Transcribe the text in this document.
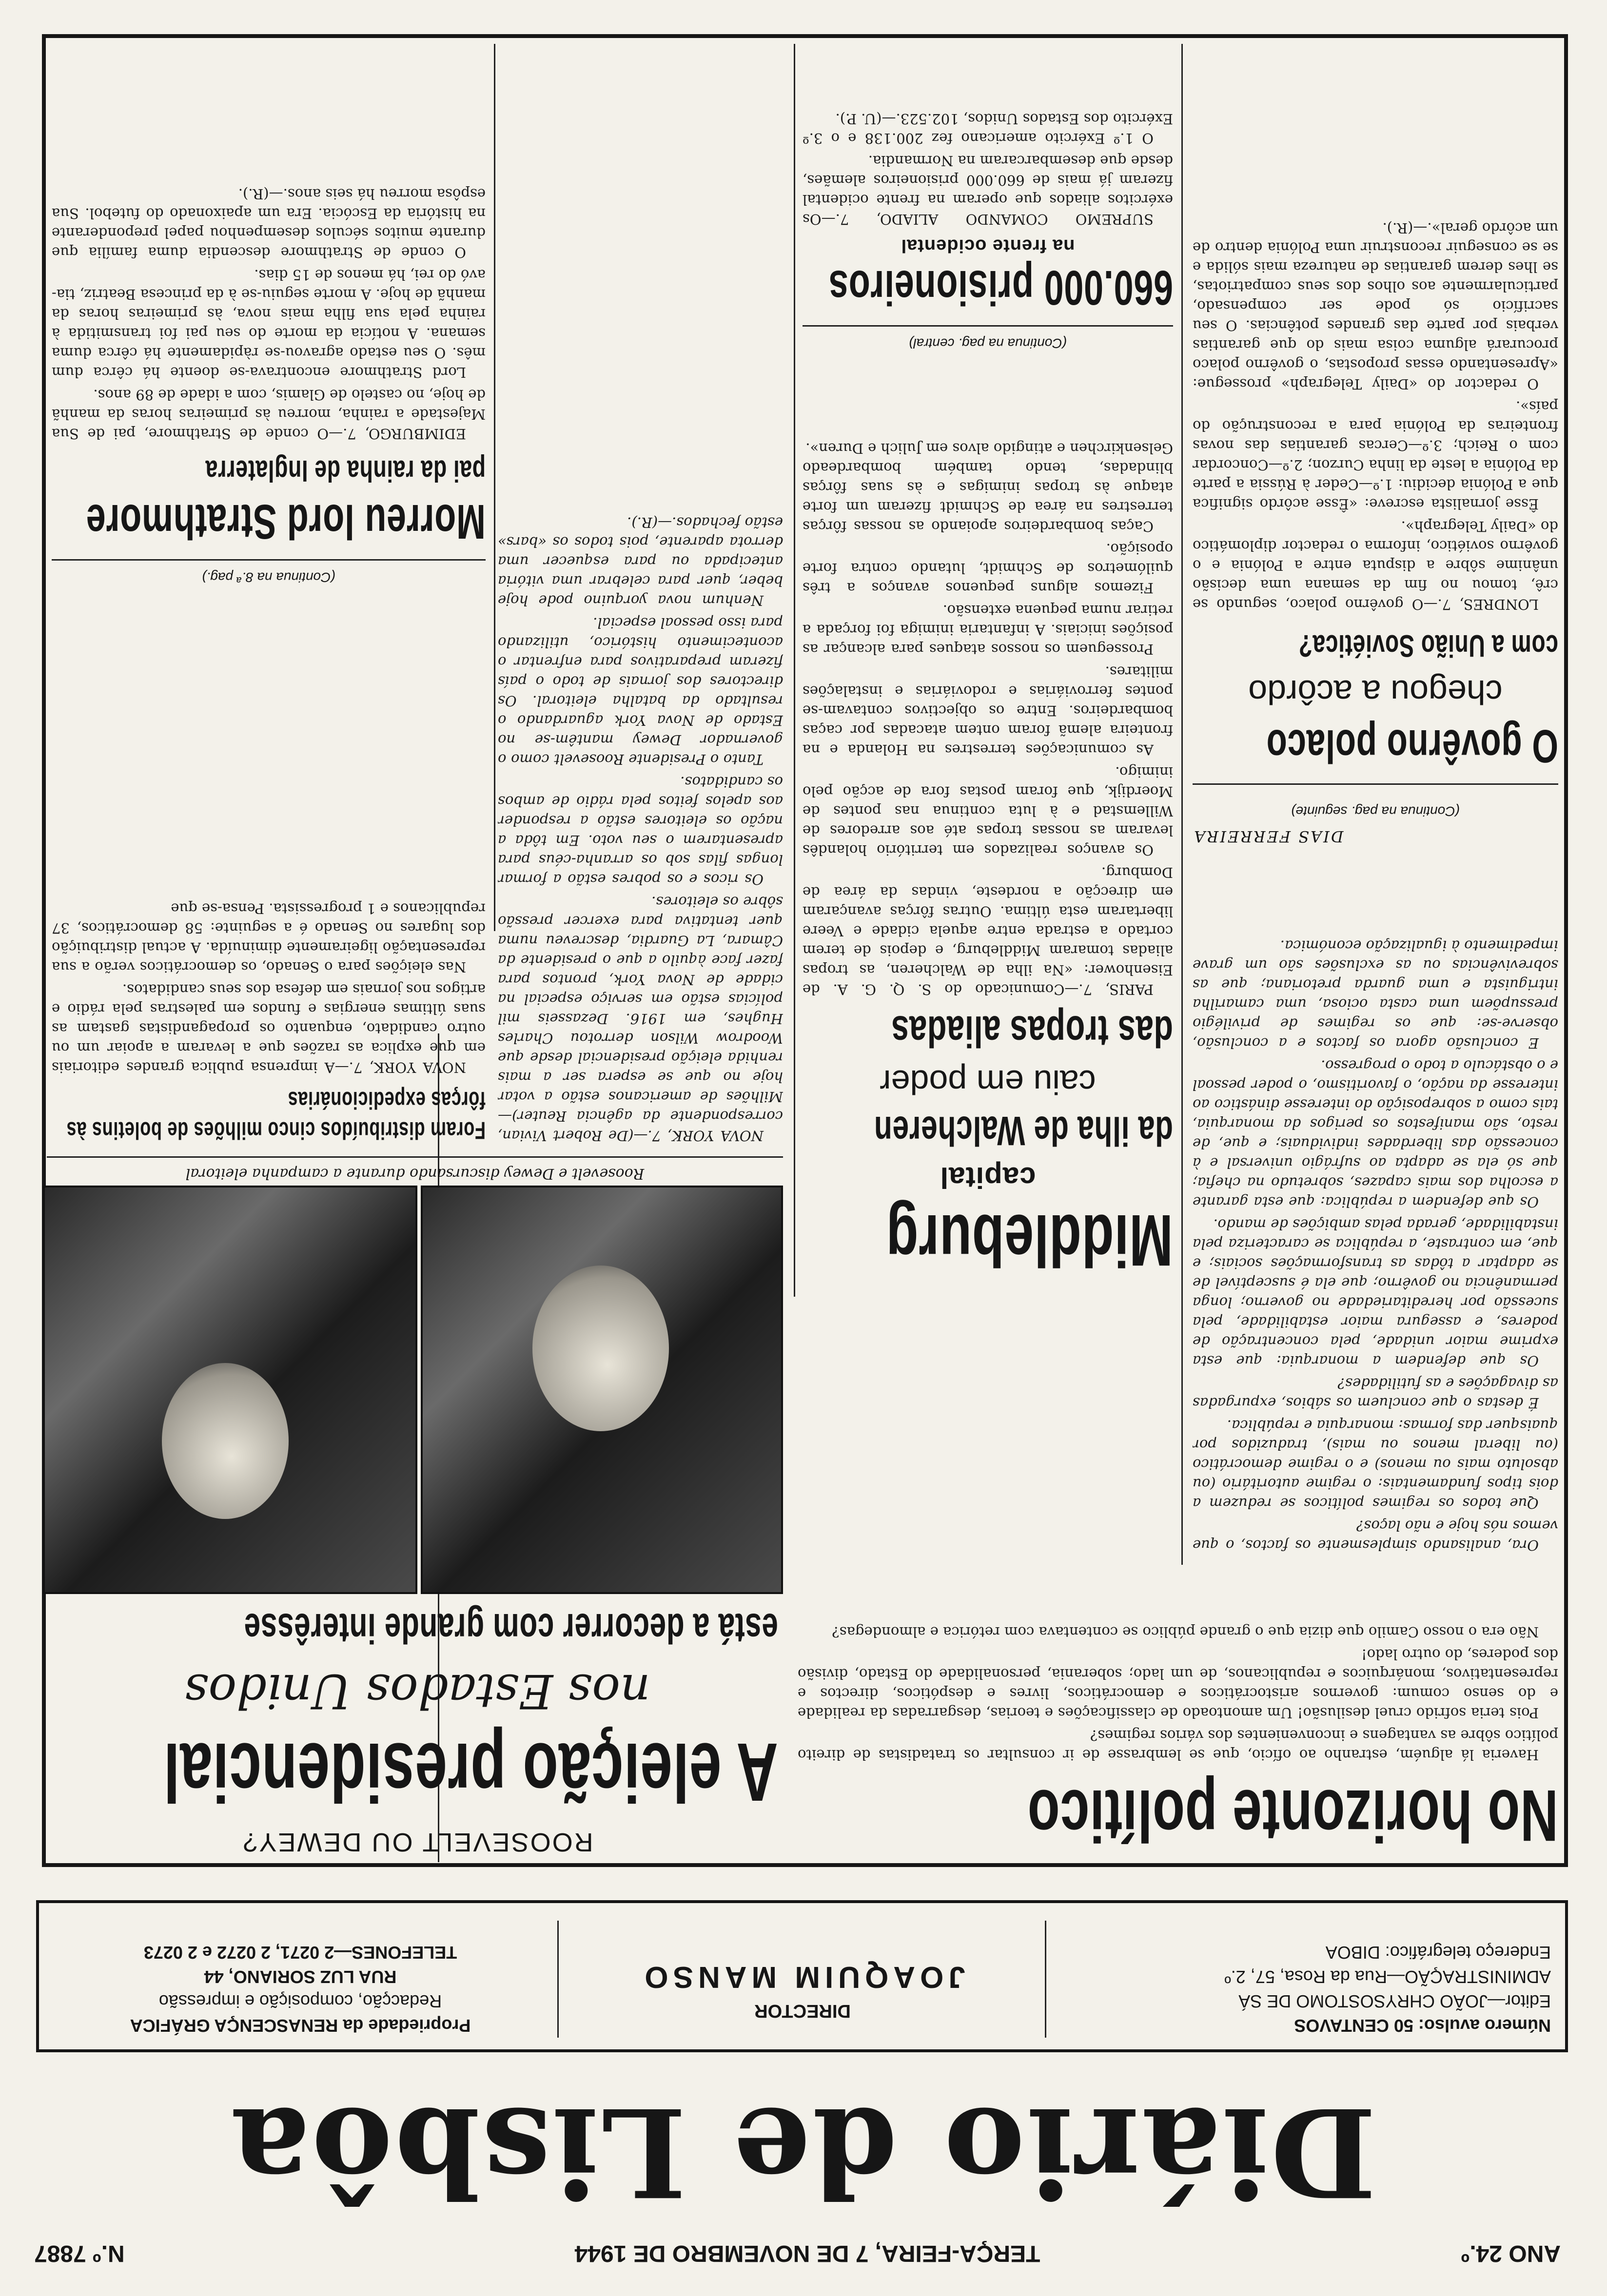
ANO 24.º
TERÇA-FEIRA, 7 DE NOVEMBRO DE 1944
N.º 7887
Diário de Lisbôa
Número avulso: 50 CENTAVOS
Editor—JOÃO CHRYSOSTOMO DE SÁ
ADMINISTRAÇÃO—Rua da Rosa, 57, 2.º
Endereço telegráfico: DIBOA
DIRECTOR
JOAQUIM MANSO
Propriedade da RENASCENÇA GRÁFICA
Redacção, composição e impressão
RUA LUZ SORIANO, 44
TELEFONES—2 0271, 2 0272 e 2 0273
No horizonte político

Haveria lá alguém, estranho ao ofício, que se lembrasse de ir consultar os tratadistas de direito político sôbre as vantagens e inconvenientes dos vários regimes?

Pois teria sofrido cruel desilusão! Um amontoado de classificações e teorias, desgarradas da realidade e do senso comum: governos aristocráticos e democráticos, livres e despóticos, directos e representativos, monárquicos e republicanos, de um lado; soberania, personalidade do Estado, divisão dos poderes, do outro lado!

Não era o nosso Camilo que dizia que o grande público se contentava com retórica e almondegas?

Ora, analisando simplesmente os factos, o que vemos nós hoje e não laços?

Que todos os regimes políticos se reduzem a dois tipos fundamentais: o regime autoritário (ou absoluto mais ou menos) e o regime democrático (ou liberal menos ou mais), traduzidos por quaisquer das formas: monarquia e república.

É destas o que concluem os sábios, expurgadas as divagações e as futilidades?

Os que defendem a monarquia: que esta exprime maior unidade, pela concentração de poderes, e assegura maior estabilidade, pela sucessão por hereditariedade no governo; longa permanência no govêrno; que ela é susceptível de se adaptar a tôdas as transformações sociais; e que, em contraste, a república se caracteriza pela instabilidade, gerada pelas ambições de mando.

Os que defendem a república: que esta garante a escolha dos mais capazes, sobretudo na chefia; que só ela se adapta ao sufrágio universal e à concessão das liberdades individuais; e que, de resto, são manifestos os perigos da monarquia, tais como a sobreposição do interesse dinástico ao interesse da nação, o favoritismo, o poder pessoal e o obstáculo a todo o progresso.

E conclusão agora os factos e a conclusão, observe-se: que os regimes de privilégio pressupõem uma casta ociosa, uma camarilha intriguista e uma guarda pretoriana; que as sobrevivências ou as exclusões são um grave impedimento à igualização económica.

DIAS FERREIRA
(Continua na pag. seguinte)
O govêrno polaco
chegou a acôrdo
com a União Soviética?

LONDRES, 7.—O govêrno polaco, segundo se crê, tomou no fim da semana uma decisão unânime sôbre a disputa entre a Polónia e o govêrno soviético, informa o redactor diplomático do «Daily Telegraph».

Êsse jornalista escreve: «Êsse acôrdo significa que a Polónia decidiu: 1.º—Ceder à Rússia a parte da Polónia a leste da linha Curzon; 2.º—Concordar com o Reich; 3.º—Cercas garantias das novas fronteiras da Polónia para a reconstrução do país».

O redactor do «Daily Telegraph» prossegue: «Apresentando essas propostas, o govêrno polaco procurará alguma coisa mais do que garantias verbais por parte das grandes potências. O seu sacrifício só pode ser compensado, particularmente aos olhos dos seus compatriotas, se lhes derem garantias de natureza mais sólida e se se conseguir reconstruir uma Polónia dentro de um acôrdo geral».—(R.).

Middleburg
capital
da ilha de Walcheren
caiu em poder
das tropas aliadas

PARIS, 7.—Comunicado do S. Q. G. A. de Eisenhower: «Na ilha de Walcheren, as tropas aliadas tomaram Middleburg, e depois de terem cortado a estrada entre aquela cidade e Veere libertaram esta última. Outras fôrças avançaram em direcção a nordeste, vindas da área de Domburg.

Os avanços realizados em território holandês levaram as nossas tropas até aos arredores de Willemstad e à luta continua nas pontes de Moerdijk, que foram postas fora de acção pelo inimigo.

As comunicações terrestres na Holanda e na fronteira alemã foram ontem atacadas por caças bombardeiros. Entre os objectivos contavam-se pontes ferroviárias e rodoviárias e instalações militares.

Prosseguem os nossos ataques para alcançar as posições iniciais. A infantaria inimiga foi forçada a retirar numa pequena extensão.

Fizemos alguns pequenos avanços a três quilómetros de Schmidt, lutando contra forte oposição.

Caças bombardeiros apoiando as nossas fôrças terrestres na área de Schmidt fizeram um forte ataque às tropas inimigas e às suas fôrças blindadas, tendo também bombardeado Gelsenkirchen e atingido alvos em Julich e Duren».

(Continua na pag. central)
660.000 prisioneiros
na frente ocidental

SUPREMO COMANDO ALIADO, 7.—Os exércitos aliados que operam na frente ocidental fizeram já mais de 660.000 prisioneiros alemães, desde que desembarcaram na Normandia.

O 1.º Exército americano fez 200.138 e o 3.º Exército dos Estados Unidos, 102.523.—(U. P.).

ROOSEVELT OU DEWEY?
A eleição presidencial
nos Estados Unidos
está a decorrer com grande interêsse
Roosevelt e Dewey discursando durante a campanha eleitoral

NOVA YORK, 7.—(De Robert Vivian, correspondente da agência Reuter)—Milhões de americanos estão a votar hoje no que se espera ser a mais renhida eleição presidencial desde que Woodrow Wilson derrotou Charles Hughes, em 1916. Dezasseis mil polícias estão em serviço especial na cidade de Nova York, prontos para fazer face àquilo a que o presidente da Câmara, La Guardia, descreveu numa quer tentativa para exercer pressão sôbre os eleitores.

Os ricos e os pobres estão a formar longas filas sob os arranha-céus para apresentarem o seu voto. Em tôda a nação os eleitores estão a responder aos apelos feitos pela rádio de ambos os candidatos.

Tanto o Presidente Roosevelt como o governador Dewey mantêm-se no Estado de Nova York aguardando o resultado da batalha eleitoral. Os directores dos jornais de todo o país fizeram preparativos para enfrentar o acontecimento histórico, utilizando para isso pessoal especial.

Nenhum nova yorquino pode hoje beber, quer para celebrar uma vitória antecipada ou para esquecer uma derrota aparente, pois todos os «bars» estão fechados.—(R.).

Foram distribuídos cinco milhões de boletins às fôrças expedicionárias

NOVA YORK, 7.—A imprensa publica grandes editoriais em que explica as razões que a levaram a apoiar um ou outro candidato, enquanto os propagandistas gastam as suas últimas energias e fundos em palestras pela rádio e artigos nos jornais em defesa dos seus candidatos.

Nas eleições para o Senado, os democráticos verão a sua representação ligeiramente diminuída. A actual distribuição dos lugares no Senado é a seguinte: 58 democráticos, 37 republicanos e 1 progressista. Pensa-se que

(Continua na 8.ª pag.)
Morreu lord Strathmore
pai da rainha de Inglaterra

EDIMBURGO, 7.—O conde de Strathmore, pai de Sua Majestade a rainha, morreu às primeiras horas da manhã de hoje, no castelo de Glamis, com a idade de 89 anos.

Lord Strathmore encontrava-se doente há cêrca dum mês. O seu estado agravou-se ràpidamente há cêrca duma semana. A notícia da morte do seu pai foi transmitida à rainha pela sua filha mais nova, às primeiras horas da manhã de hoje. A morte seguiu-se à da princesa Beatriz, tia-avó do rei, há menos de 15 dias.

O conde de Strathmore descendia duma família que durante muitos séculos desempenhou papel preponderante na história da Escócia. Era um apaixonado do futebol. Sua espôsa morreu há seis anos.—(R.).
